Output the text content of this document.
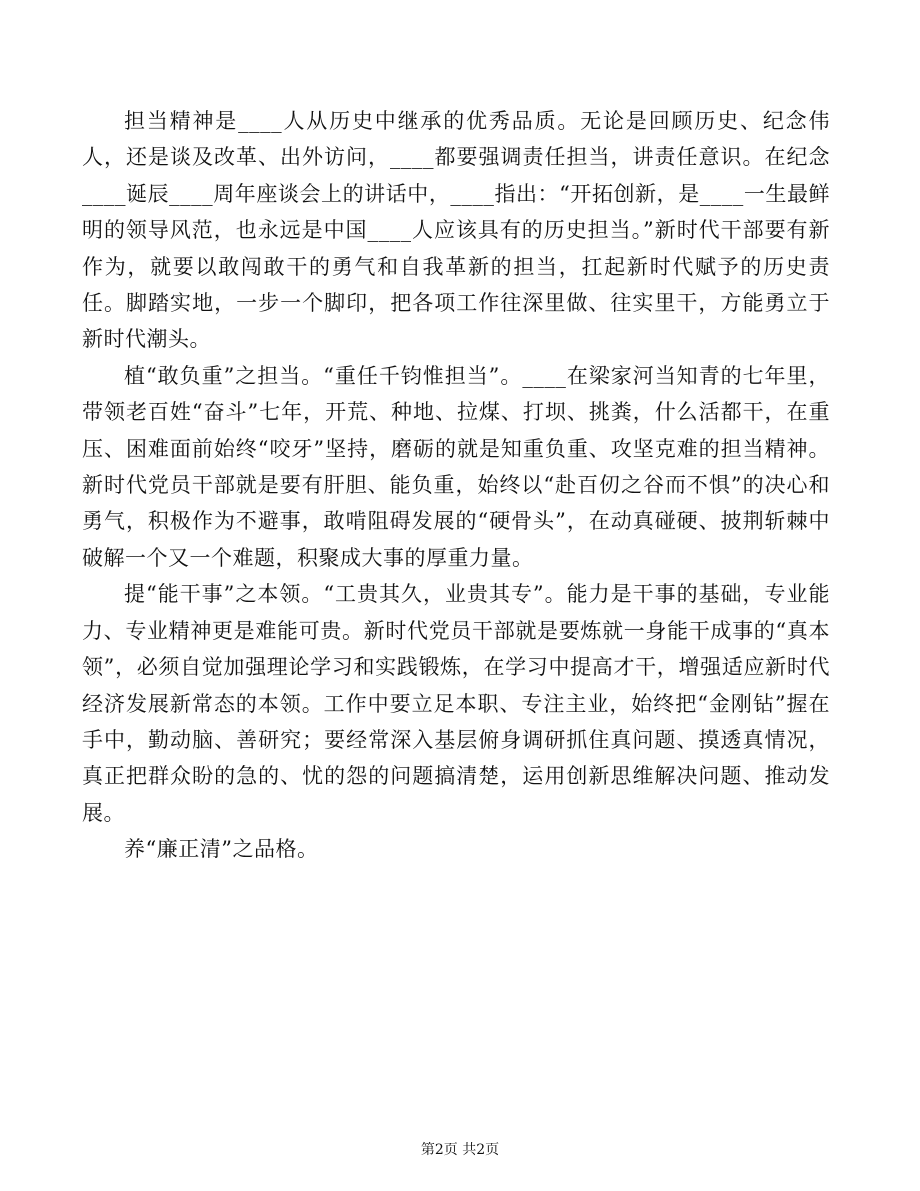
担当精神是____人从历史中继承的优秀品质。无论是回顾历史、纪念伟人，还是谈及改革、出外访问，____都要强调责任担当，讲责任意识。在纪念____诞辰____周年座谈会上的讲话中，____指出：“开拓创新，是____一生最鲜明的领导风范，也永远是中国____人应该具有的历史担当。”新时代干部要有新作为，就要以敢闯敢干的勇气和自我革新的担当，扛起新时代赋予的历史责任。脚踏实地，一步一个脚印，把各项工作往深里做、往实里干，方能勇立于新时代潮头。

植“敢负重”之担当。“重任千钧惟担当”。____在梁家河当知青的七年里，带领老百姓“奋斗”七年，开荒、种地、拉煤、打坝、挑粪，什么活都干，在重压、困难面前始终“咬牙”坚持，磨砺的就是知重负重、攻坚克难的担当精神。新时代党员干部就是要有肝胆、能负重，始终以“赴百仞之谷而不惧”的决心和勇气，积极作为不避事，敢啃阻碍发展的“硬骨头”，在动真碰硬、披荆斩棘中破解一个又一个难题，积聚成大事的厚重力量。

提“能干事”之本领。“工贵其久，业贵其专”。能力是干事的基础，专业能力、专业精神更是难能可贵。新时代党员干部就是要炼就一身能干成事的“真本领”，必须自觉加强理论学习和实践锻炼，在学习中提高才干，增强适应新时代经济发展新常态的本领。工作中要立足本职、专注主业，始终把“金刚钻”握在手中，勤动脑、善研究；要经常深入基层俯身调研抓住真问题、摸透真情况，真正把群众盼的急的、忧的怨的问题搞清楚，运用创新思维解决问题、推动发展。

养“廉正清”之品格。

第2页 共2页
